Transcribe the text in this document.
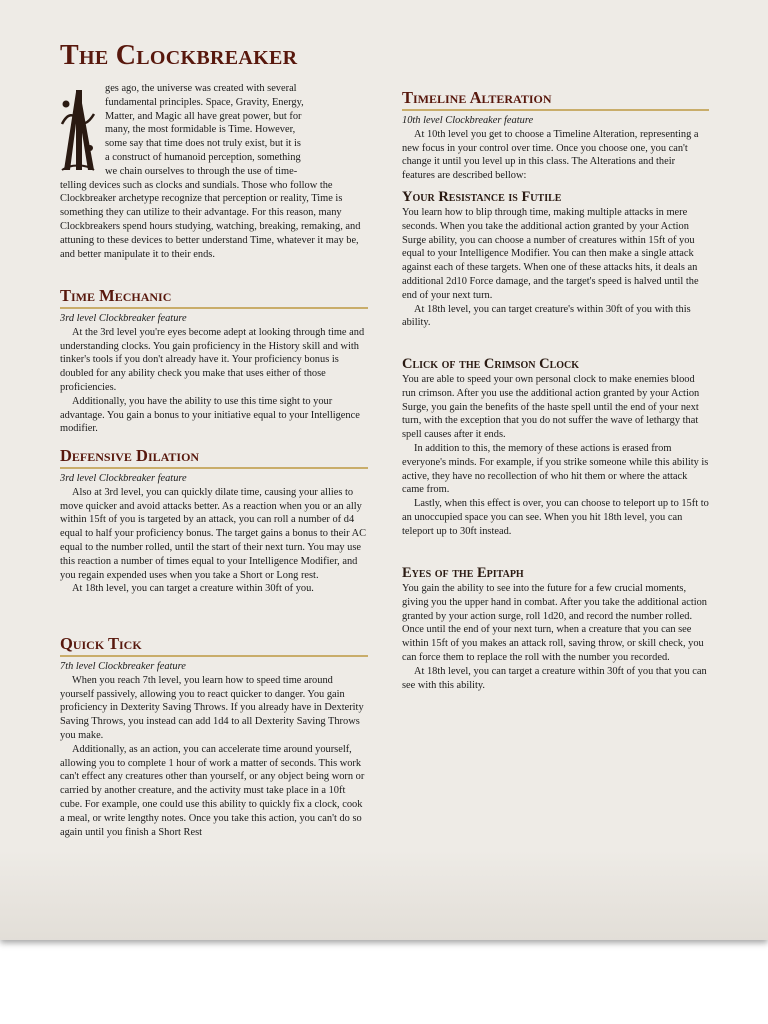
The Clockbreaker

ges ago, the universe was created with several

fundamental principles. Space, Gravity, Energy,

Matter, and Magic all have great power, but for

many, the most formidable is Time. However,

some say that time does not truly exist, but it is

a construct of humanoid perception, something

we chain ourselves to through the use of time-

telling devices such as clocks and sundials. Those who follow the Clockbreaker archetype recognize that perception or reality, Time is something they can utilize to their advantage. For this reason, many Clockbreakers spend hours studying, watching, breaking, remaking, and attuning to these devices to better understand Time, whatever it may be, and better manipulate it to their ends.

Time Mechanic

3rd level Clockbreaker feature

At the 3rd level you're eyes become adept at looking through time and understanding clocks. You gain proficiency in the History skill and with tinker's tools if you don't already have it. Your proficiency bonus is doubled for any ability check you make that uses either of those proficiencies.

Additionally, you have the ability to use this time sight to your advantage. You gain a bonus to your initiative equal to your Intelligence modifier.

Defensive Dilation

3rd level Clockbreaker feature

Also at 3rd level, you can quickly dilate time, causing your allies to move quicker and avoid attacks better. As a reaction when you or an ally within 15ft of you is targeted by an attack, you can roll a number of d4 equal to half your proficiency bonus. The target gains a bonus to their AC equal to the number rolled, until the start of their next turn. You may use this reaction a number of times equal to your Intelligence Modifier, and you regain expended uses when you take a Short or Long rest.

At 18th level, you can target a creature within 30ft of you.

Quick Tick

7th level Clockbreaker feature

When you reach 7th level, you learn how to speed time around yourself passively, allowing you to react quicker to danger. You gain proficiency in Dexterity Saving Throws. If you already have in Dexterity Saving Throws, you instead can add 1d4 to all Dexterity Saving Throws you make.

Additionally, as an action, you can accelerate time around yourself, allowing you to complete 1 hour of work a matter of seconds. This work can't effect any creatures other than yourself, or any object being worn or carried by another creature, and the activity must take place in a 10ft cube. For example, one could use this ability to quickly fix a clock, cook a meal, or write lengthy notes. Once you take this action, you can't do so again until you finish a Short Rest

Timeline Alteration

10th level Clockbreaker feature

At 10th level you get to choose a Timeline Alteration, representing a new focus in your control over time. Once you choose one, you can't change it until you level up in this class. The Alterations and their features are described bellow:

Your Resistance is Futile

You learn how to blip through time, making multiple attacks in mere seconds. When you take the additional action granted by your Action Surge ability, you can choose a number of creatures within 15ft of you equal to your Intelligence Modifier. You can then make a single attack against each of these targets. When one of these attacks hits, it deals an additional 2d10 Force damage, and the target's speed is halved until the end of your next turn.

At 18th level, you can target creature's within 30ft of you with this ability.

Click of the Crimson Clock

You are able to speed your own personal clock to make enemies blood run crimson. After you use the additional action granted by your Action Surge, you gain the benefits of the haste spell until the end of your next turn, with the exception that you do not suffer the wave of lethargy that spell causes after it ends.

In addition to this, the memory of these actions is erased from everyone's minds. For example, if you strike someone while this ability is active, they have no recollection of who hit them or where the attack came from.

Lastly, when this effect is over, you can choose to teleport up to 15ft to an unoccupied space you can see. When you hit 18th level, you can teleport up to 30ft instead.

Eyes of the Epitaph

You gain the ability to see into the future for a few crucial moments, giving you the upper hand in combat. After you take the additional action granted by your action surge, roll 1d20, and record the number rolled. Once until the end of your next turn, when a creature that you can see within 15ft of you makes an attack roll, saving throw, or skill check, you can force them to replace the roll with the number you recorded.

At 18th level, you can target a creature within 30ft of you that you can see with this ability.
